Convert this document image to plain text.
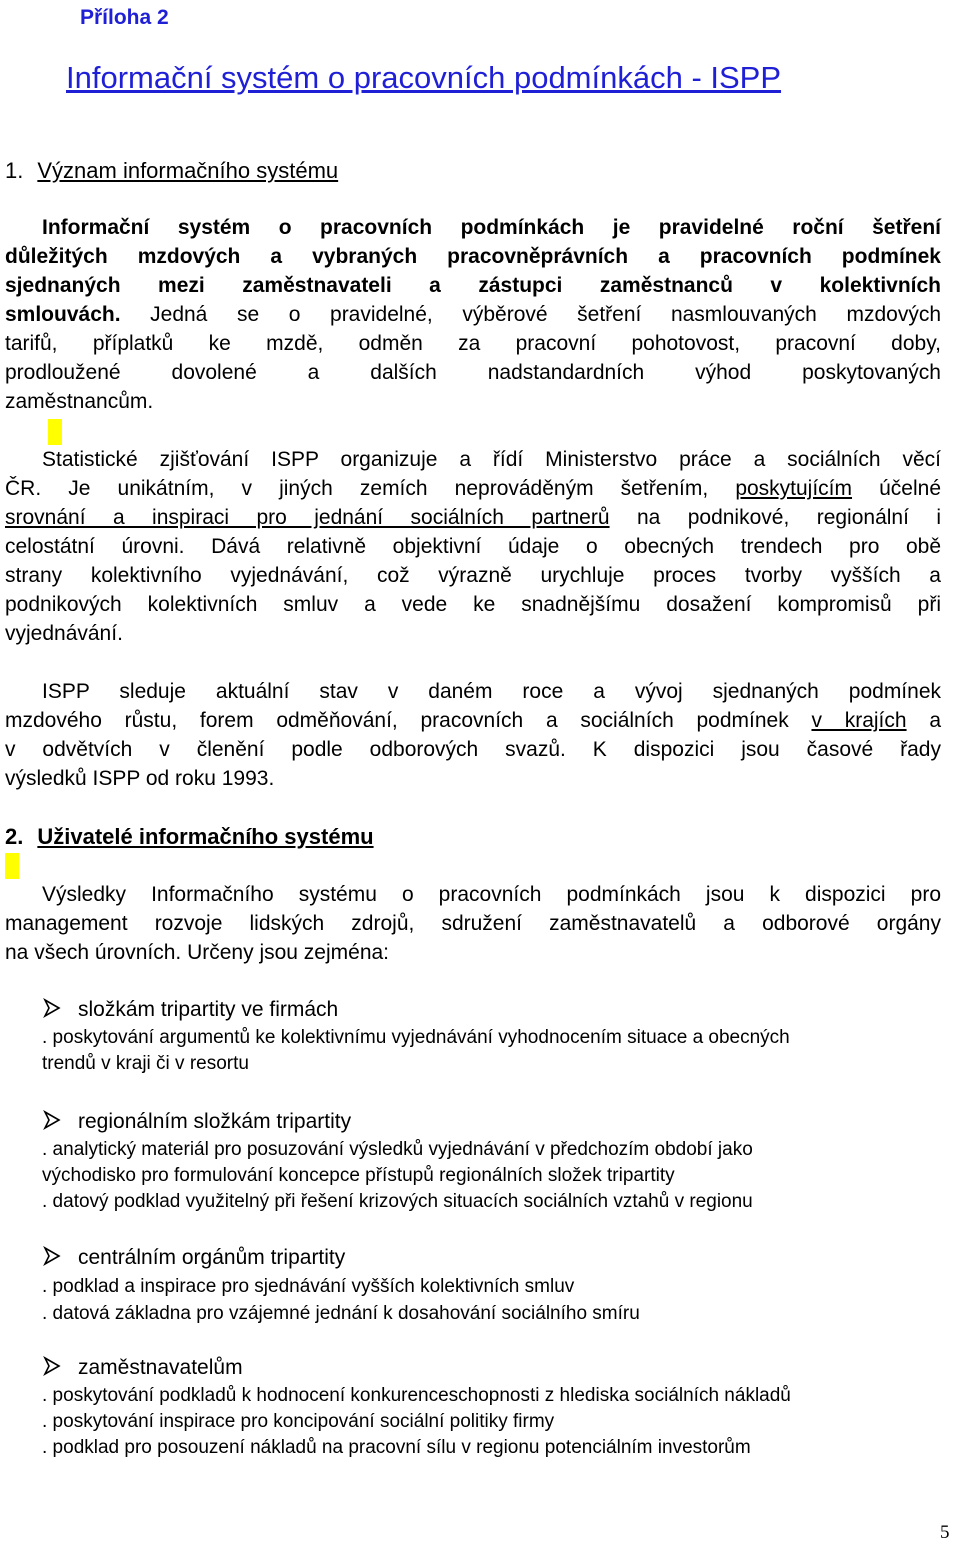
Příloha 2
Informační systém o pracovních podmínkách - ISPP
1. Význam informačního systému
Informační systém o pracovních podmínkách je pravidelné roční šetření
důležitých mzdových a vybraných pracovněprávních a pracovních podmínek
sjednaných mezi zaměstnavateli a zástupci zaměstnanců v kolektivních
smlouvách. Jedná se o pravidelné, výběrové šetření nasmlouvaných mzdových
tarifů, příplatků ke mzdě, odměn za pracovní pohotovost, pracovní doby,
prodloužené dovolené a dalších nadstandardních výhod poskytovaných
zaměstnancům.
Statistické zjišťování ISPP organizuje a řídí Ministerstvo práce a sociálních věcí
ČR. Je unikátním, v jiných zemích neprováděným šetřením, poskytujícím účelné
srovnání a inspiraci pro jednání sociálních partnerů na podnikové, regionální i
celostátní úrovni. Dává relativně objektivní údaje o obecných trendech pro obě
strany kolektivního vyjednávání, což výrazně urychluje proces tvorby vyšších a
podnikových kolektivních smluv a vede ke snadnějšímu dosažení kompromisů při
vyjednávání.
ISPP sleduje aktuální stav v daném roce a vývoj sjednaných podmínek
mzdového růstu, forem odměňování, pracovních a sociálních podmínek v krajích a
v odvětvích v členění podle odborových svazů. K dispozici jsou časové řady
výsledků ISPP od roku 1993.
2. Uživatelé informačního systému
Výsledky Informačního systému o pracovních podmínkách jsou k dispozici pro
management rozvoje lidských zdrojů, sdružení zaměstnavatelů a odborové orgány
na všech úrovních. Určeny jsou zejména:
složkám tripartity ve firmách
. poskytování argumentů ke kolektivnímu vyjednávání vyhodnocením situace a obecných
trendů v kraji či v resortu
regionálním složkám tripartity
. analytický materiál pro posuzování výsledků vyjednávání v předchozím období jako
východisko pro formulování koncepce přístupů regionálních složek tripartity
. datový podklad využitelný při řešení krizových situacích sociálních vztahů v regionu
centrálním orgánům tripartity
. podklad a inspirace pro sjednávání vyšších kolektivních smluv
. datová základna pro vzájemné jednání k dosahování sociálního smíru
zaměstnavatelům
. poskytování podkladů k hodnocení konkurenceschopnosti z hlediska sociálních nákladů
. poskytování inspirace pro koncipování sociální politiky firmy
. podklad pro posouzení nákladů na pracovní sílu v regionu potenciálním investorům
5
